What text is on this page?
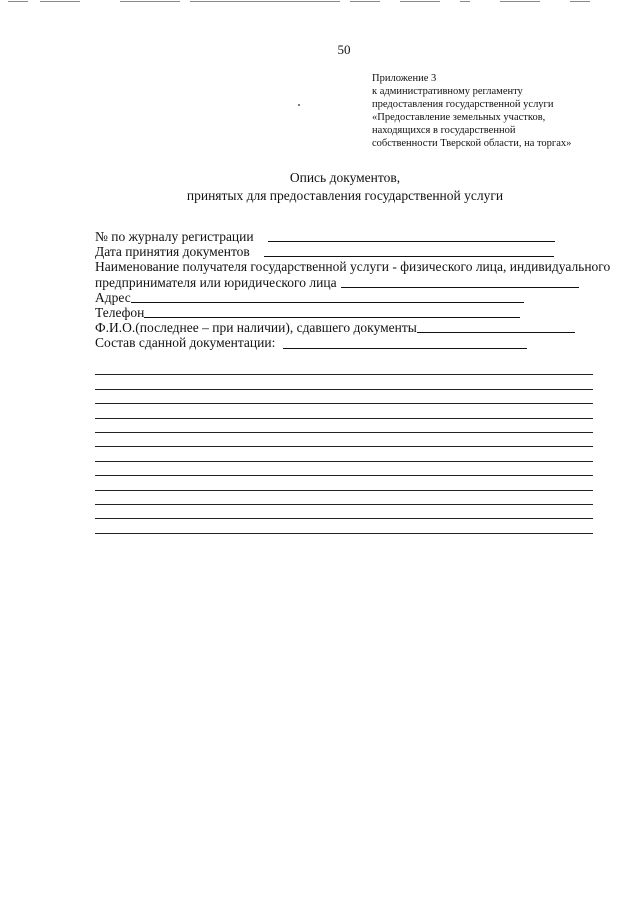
50
Приложение 3
к административному регламенту
предоставления государственной услуги
«Предоставление земельных участков,
находящихся в государственной
собственности Тверской области, на торгах»
Опись документов,
принятых для предоставления государственной услуги
№ по журналу регистрации
Дата принятия документов
Наименование получателя государственной услуги - физического лица, индивидуального
предпринимателя или юридического лица
Адрес
Телефон
Ф.И.О.(последнее – при наличии), сдавшего документы
Состав сданной документации:
